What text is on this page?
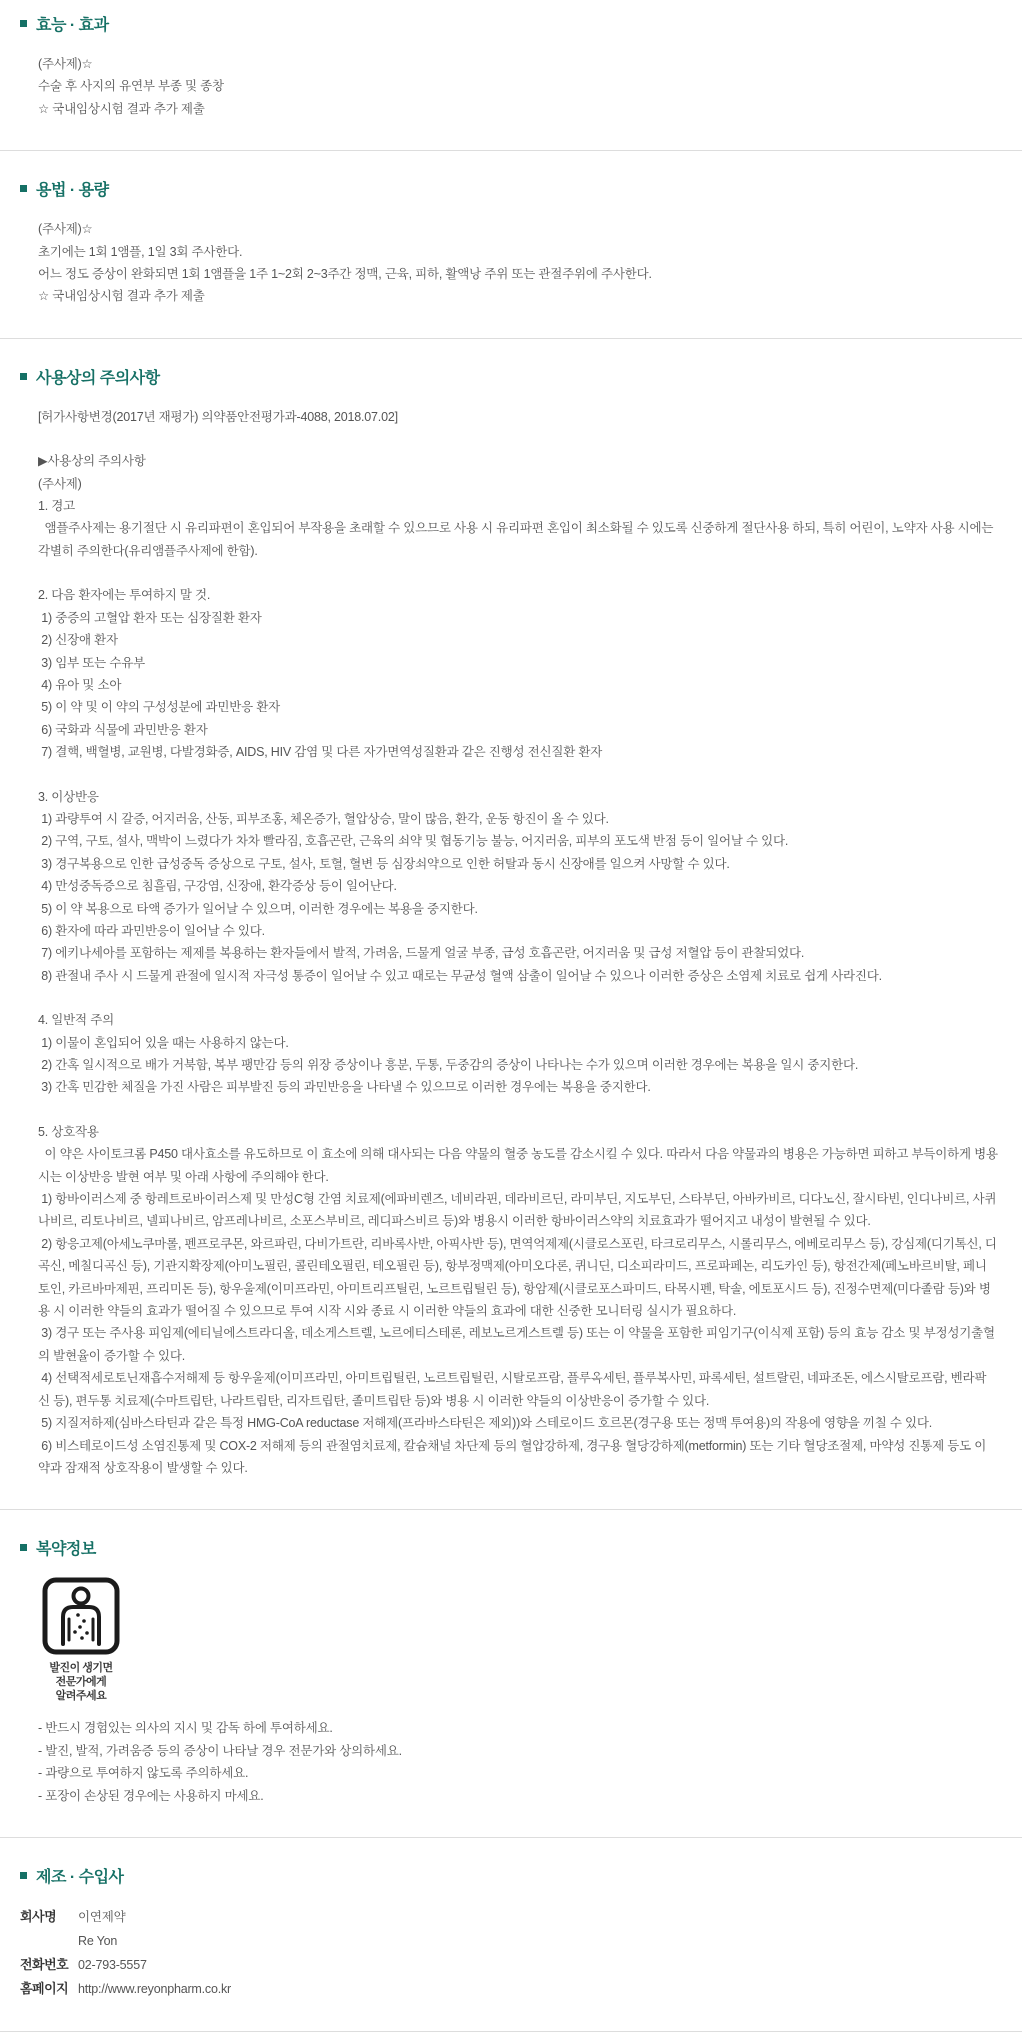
효능 · 효과

(주사제)☆

수술 후 사지의 유연부 부종 및 종창

☆ 국내임상시험 결과 추가 제출

용법 · 용량

(주사제)☆

초기에는 1회 1앰플, 1일 3회 주사한다.

어느 정도 증상이 완화되면 1회 1앰플을 1주 1~2회 2~3주간 정맥, 근육, 피하, 활액낭 주위 또는 관절주위에 주사한다.

☆ 국내임상시험 결과 추가 제출

사용상의 주의사항

[허가사항변경(2017년 재평가) 의약품안전평가과-4088, 2018.07.02]

▶사용상의 주의사항

(주사제)

1. 경고

앰플주사제는 용기절단 시 유리파편이 혼입되어 부작용을 초래할 수 있으므로 사용 시 유리파편 혼입이 최소화될 수 있도록 신중하게 절단사용 하되, 특히 어린이, 노약자 사용 시에는 각별히 주의한다(유리앰플주사제에 한함).

2. 다음 환자에는 투여하지 말 것.

1) 중증의 고혈압 환자 또는 심장질환 환자

2) 신장애 환자

3) 임부 또는 수유부

4) 유아 및 소아

5) 이 약 및 이 약의 구성성분에 과민반응 환자

6) 국화과 식물에 과민반응 환자

7) 결핵, 백혈병, 교원병, 다발경화증, AIDS, HIV 감염 및 다른 자가면역성질환과 같은 진행성 전신질환 환자

3. 이상반응

1) 과량투여 시 갈증, 어지러움, 산동, 피부조홍, 체온증가, 혈압상승, 말이 많음, 환각, 운동 항진이 올 수 있다.

2) 구역, 구토, 설사, 맥박이 느렸다가 차차 빨라짐, 호흡곤란, 근육의 쇠약 및 협동기능 불능, 어지러움, 피부의 포도색 반점 등이 일어날 수 있다.

3) 경구복용으로 인한 급성중독 증상으로 구토, 설사, 토혈, 혈변 등 심장쇠약으로 인한 허탈과 동시 신장애를 일으켜 사망할 수 있다.

4) 만성중독증으로 침흘림, 구강염, 신장애, 환각증상 등이 일어난다.

5) 이 약 복용으로 타액 증가가 일어날 수 있으며, 이러한 경우에는 복용을 중지한다.

6) 환자에 따라 과민반응이 일어날 수 있다.

7) 에키나세아를 포함하는 제제를 복용하는 환자들에서 발적, 가려움, 드물게 얼굴 부종, 급성 호흡곤란, 어지러움 및 급성 저혈압 등이 관찰되었다.

8) 관절내 주사 시 드물게 관절에 일시적 자극성 통증이 일어날 수 있고 때로는 무균성 혈액 삼출이 일어날 수 있으나 이러한 증상은 소염제 치료로 쉽게 사라진다.

4. 일반적 주의

1) 이물이 혼입되어 있을 때는 사용하지 않는다.

2) 간혹 일시적으로 배가 거북함, 복부 팽만감 등의 위장 증상이나 흥분, 두통, 두중감의 증상이 나타나는 수가 있으며 이러한 경우에는 복용을 일시 중지한다.

3) 간혹 민감한 체질을 가진 사람은 피부발진 등의 과민반응을 나타낼 수 있으므로 이러한 경우에는 복용을 중지한다.

5. 상호작용

이 약은 사이토크롬 P450 대사효소를 유도하므로 이 효소에 의해 대사되는 다음 약물의 혈중 농도를 감소시킬 수 있다. 따라서 다음 약물과의 병용은 가능하면 피하고 부득이하게 병용 시는 이상반응 발현 여부 및 아래 사항에 주의해야 한다.

1) 항바이러스제 중 항레트로바이러스제 및 만성C형 간염 치료제(에파비렌즈, 네비라핀, 데라비르딘, 라미부딘, 지도부딘, 스타부딘, 아바카비르, 디다노신, 잘시타빈, 인디나비르, 사퀴나비르, 리토나비르, 넬피나비르, 암프레나비르, 소포스부비르, 레디파스비르 등)와 병용시 이러한 항바이러스약의 치료효과가 떨어지고 내성이 발현될 수 있다.

2) 항응고제(아세노쿠마롤, 펜프로쿠몬, 와르파린, 다비가트란, 리바록사반, 아픽사반 등), 면역억제제(시클로스포린, 타크로리무스, 시롤리무스, 에베로리무스 등), 강심제(디기톡신, 디곡신, 메칠디곡신 등), 기관지확장제(아미노필린, 콜린테오필린, 테오필린 등), 항부정맥제(아미오다론, 퀴니딘, 디소피라미드, 프로파페논, 리도카인 등), 항전간제(페노바르비탈, 페니토인, 카르바마제핀, 프리미돈 등), 항우울제(이미프라민, 아미트리프틸린, 노르트립틸린 등), 항암제(시클로포스파미드, 타목시펜, 탁솔, 에토포시드 등), 진정수면제(미다졸람 등)와 병용 시 이러한 약들의 효과가 떨어질 수 있으므로 투여 시작 시와 종료 시 이러한 약들의 효과에 대한 신중한 모니터링 실시가 필요하다.

3) 경구 또는 주사용 피임제(에티닐에스트라디올, 데소게스트렐, 노르에티스테론, 레보노르게스트렐 등) 또는 이 약물을 포함한 피임기구(이식제 포함) 등의 효능 감소 및 부정성기출혈의 발현율이 증가할 수 있다.

4) 선택적세로토닌재흡수저해제 등 항우울제(이미프라민, 아미트립틸린, 노르트립틸린, 시탈로프람, 플루옥세틴, 플루복사민, 파록세틴, 설트랄린, 네파조돈, 에스시탈로프람, 벤라팍신 등), 편두통 치료제(수마트립탄, 나라트립탄, 리자트립탄, 졸미트립탄 등)와 병용 시 이러한 약들의 이상반응이 증가할 수 있다.

5) 지질저하제(심바스타틴과 같은 특정 HMG-CoA reductase 저해제(프라바스타틴은 제외))와 스테로이드 호르몬(경구용 또는 정맥 투여용)의 작용에 영향을 끼칠 수 있다.

6) 비스테로이드성 소염진통제 및 COX-2 저해제 등의 관절염치료제, 칼슘채널 차단제 등의 혈압강하제, 경구용 혈당강하제(metformin) 또는 기타 혈당조절제, 마약성 진통제 등도 이 약과 잠재적 상호작용이 발생할 수 있다.

복약정보

발진이 생기면

전문가에게

알려주세요

- 반드시 경험있는 의사의 지시 및 감독 하에 투여하세요.

- 발진, 발적, 가려움증 등의 증상이 나타날 경우 전문가와 상의하세요.

- 과량으로 투여하지 않도록 주의하세요.

- 포장이 손상된 경우에는 사용하지 마세요.

제조 · 수입사
회사명	이연제약

Re Yon

전화번호 02-793-5557

홈페이지 http://www.reyonpharm.co.kr
